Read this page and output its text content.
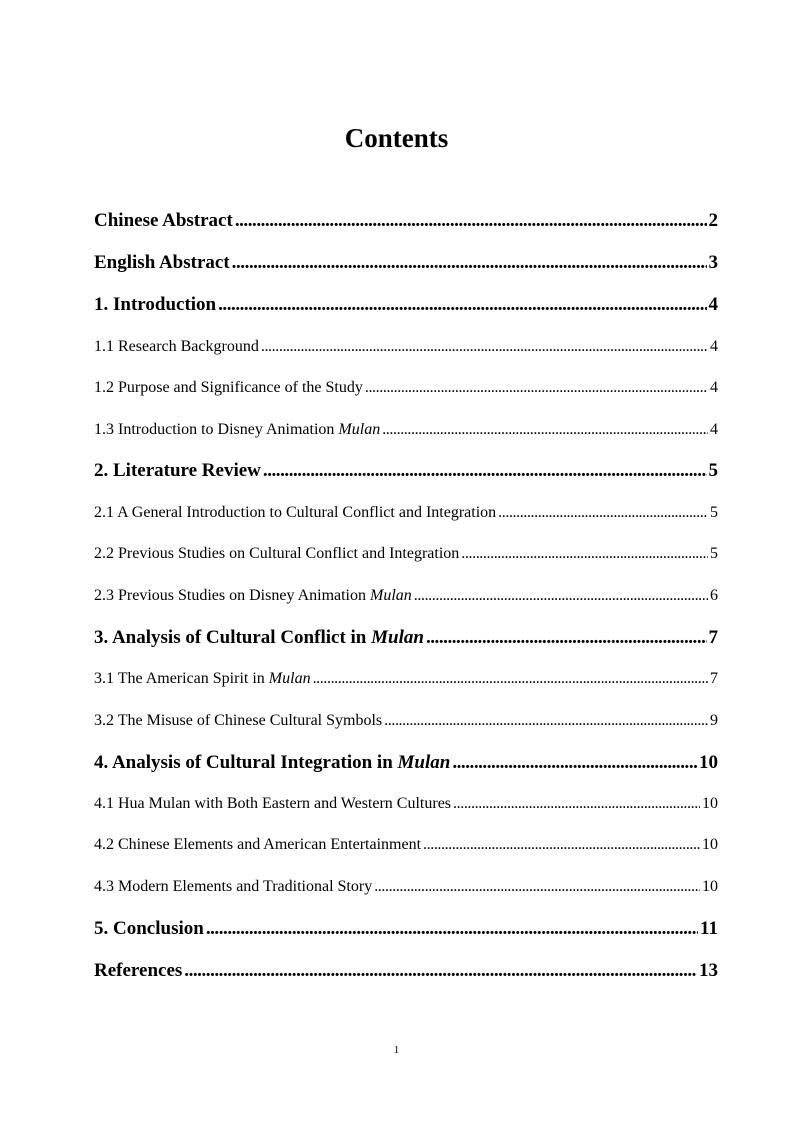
Contents
Chinese Abstract . . .	2
English Abstract . . .	3
1. Introduction . . .	4
1.1 Research Background . . .	4
1.2 Purpose and Significance of the Study . . .	4
1.3 Introduction to Disney Animation Mulan . . .	4
2. Literature Review . . .	5
2.1 A General Introduction to Cultural Conflict and Integration . . .	5
2.2 Previous Studies on Cultural Conflict and Integration . . .	5
2.3 Previous Studies on Disney Animation Mulan . . .	6
3. Analysis of Cultural Conflict in Mulan . . .	7
3.1 The American Spirit in Mulan . . .	7
3.2 The Misuse of Chinese Cultural Symbols . . .	9
4. Analysis of Cultural Integration in Mulan . . .	10
4.1 Hua Mulan with Both Eastern and Western Cultures . . .	10
4.2 Chinese Elements and American Entertainment . . .	10
4.3 Modern Elements and Traditional Story . . .	10
5. Conclusion . . .	11
References . . .	13
1
